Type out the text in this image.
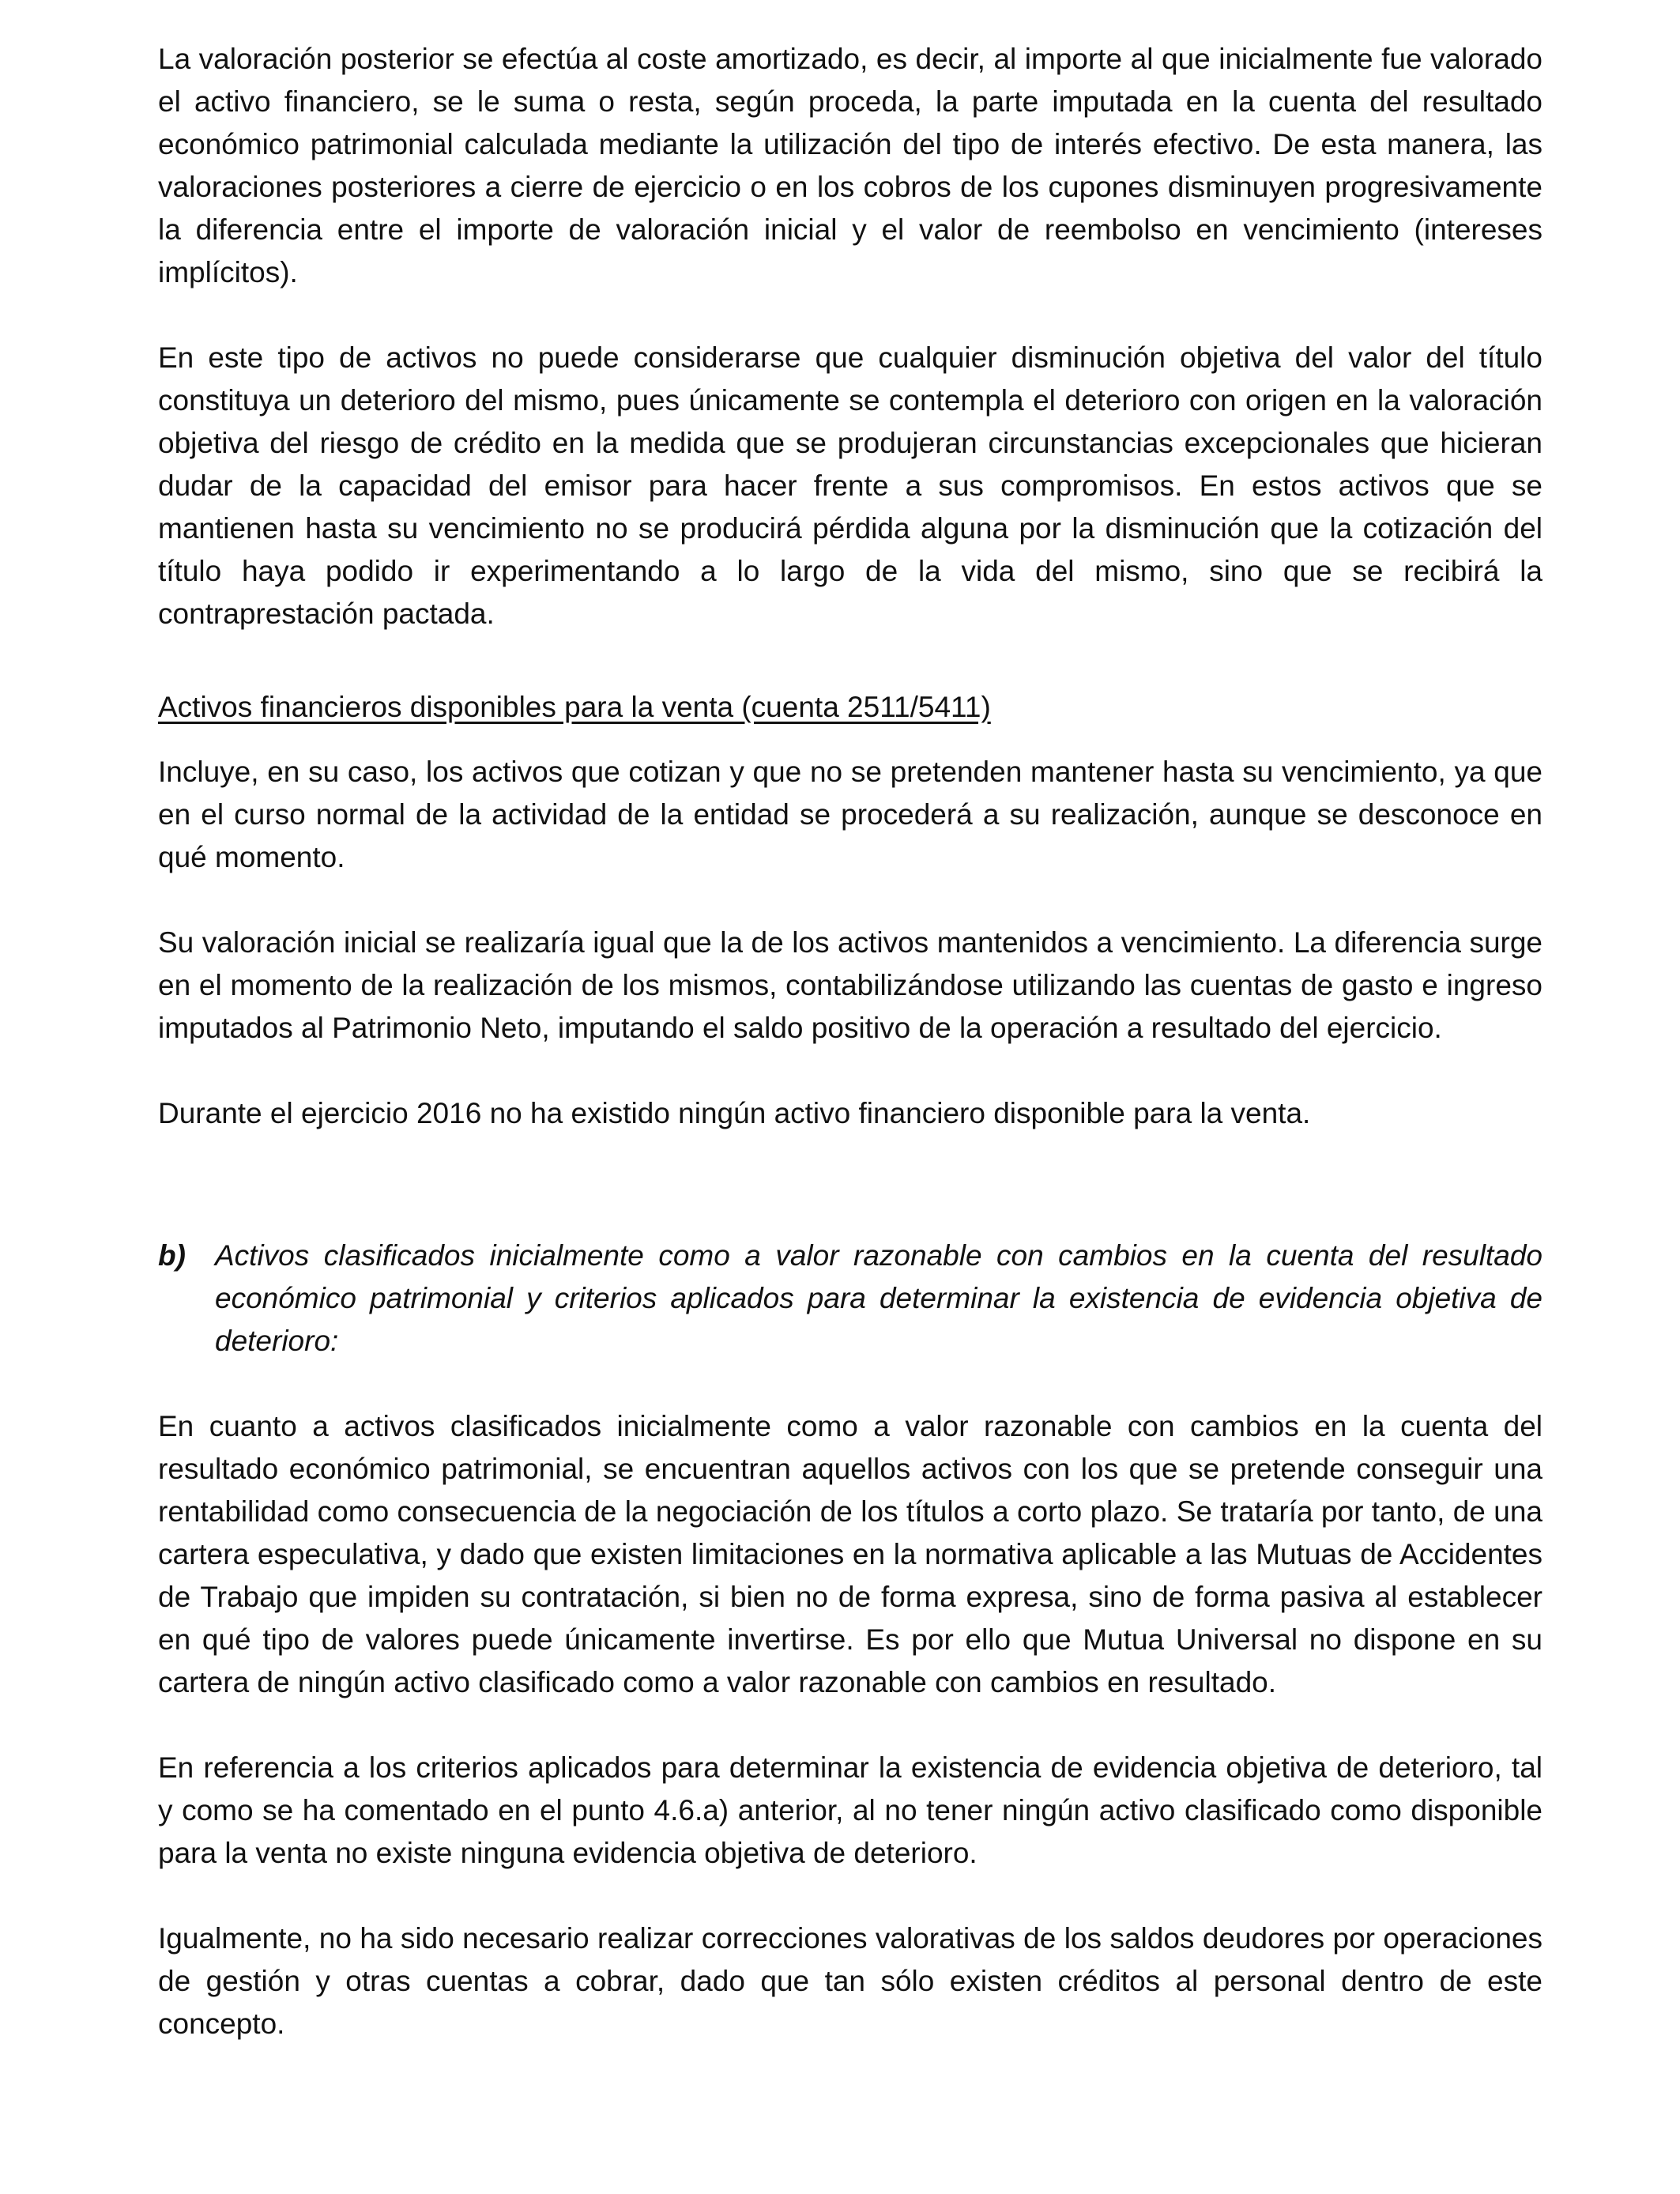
La valoración posterior se efectúa al coste amortizado, es decir, al importe al que inicialmente fue valorado el activo financiero, se le suma o resta, según proceda, la parte imputada en la cuenta del resultado económico patrimonial calculada mediante la utilización del tipo de interés efectivo. De esta manera, las valoraciones posteriores a cierre de ejercicio o en los cobros de los cupones disminuyen progresivamente la diferencia entre el importe de valoración inicial y el valor de reembolso en vencimiento (intereses implícitos).

En este tipo de activos no puede considerarse que cualquier disminución objetiva del valor del título constituya un deterioro del mismo, pues únicamente se contempla el deterioro con origen en la valoración objetiva del riesgo de crédito en la medida que se produjeran circunstancias excepcionales que hicieran dudar de la capacidad del emisor para hacer frente a sus compromisos. En estos activos que se mantienen hasta su vencimiento no se producirá pérdida alguna por la disminución que la cotización del título haya podido ir experimentando a lo largo de la vida del mismo, sino que se recibirá la contraprestación pactada.

Activos financieros disponibles para la venta (cuenta 2511/5411)

Incluye, en su caso, los activos que cotizan y que no se pretenden mantener hasta su vencimiento, ya que en el curso normal de la actividad de la entidad se procederá a su realización, aunque se desconoce en qué momento.

Su valoración inicial se realizaría igual que la de los activos mantenidos a vencimiento. La diferencia surge en el momento de la realización de los mismos, contabilizándose utilizando las cuentas de gasto e ingreso imputados al Patrimonio Neto, imputando el saldo positivo de la operación a resultado del ejercicio.

Durante el ejercicio 2016 no ha existido ningún activo financiero disponible para la venta.

b)	Activos clasificados inicialmente como a valor razonable con cambios en la cuenta del resultado económico patrimonial y criterios aplicados para determinar la existencia de evidencia objetiva de deterioro:

En cuanto a activos clasificados inicialmente como a valor razonable con cambios en la cuenta del resultado económico patrimonial, se encuentran aquellos activos con los que se pretende conseguir una rentabilidad como consecuencia de la negociación de los títulos a corto plazo. Se trataría por tanto, de una cartera especulativa, y dado que existen limitaciones en la normativa aplicable a las Mutuas de Accidentes de Trabajo que impiden su contratación, si bien no de forma expresa, sino de forma pasiva al establecer en qué tipo de valores puede únicamente invertirse. Es por ello que Mutua Universal no dispone en su cartera de ningún activo clasificado como a valor razonable con cambios en resultado.

En referencia a los criterios aplicados para determinar la existencia de evidencia objetiva de deterioro, tal y como se ha comentado en el punto 4.6.a) anterior, al no tener ningún activo clasificado como disponible para la venta no existe ninguna evidencia objetiva de deterioro.

Igualmente, no ha sido necesario realizar correcciones valorativas de los saldos deudores por operaciones de gestión y otras cuentas a cobrar, dado que tan sólo existen créditos al personal dentro de este concepto.
